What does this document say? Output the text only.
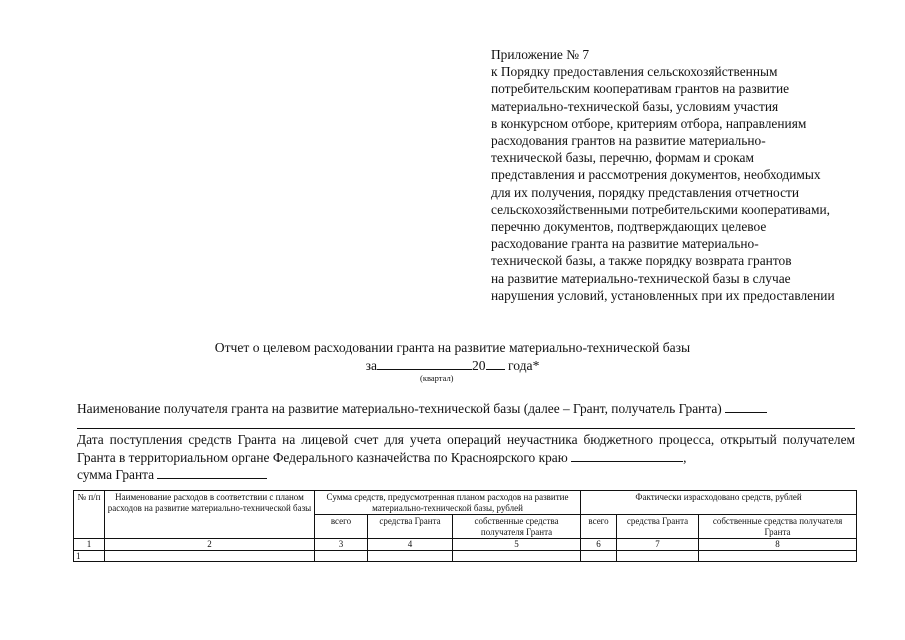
Приложение № 7
к Порядку предоставления сельскохозяйственным
потребительским кооперативам грантов на развитие
материально-технической базы, условиям участия
в конкурсном отборе, критериям отбора, направлениям
расходования грантов на развитие материально-
технической базы, перечню, формам и срокам
представления и рассмотрения документов, необходимых
для их получения, порядку представления отчетности
сельскохозяйственными потребительскими кооперативами,
перечню документов, подтверждающих целевое
расходование гранта на развитие материально-
технической базы, а также порядку возврата грантов
на развитие материально-технической базы в случае
нарушения условий, установленных при их предоставлении
Отчет о целевом расходовании гранта на развитие материально-технической базы
за	20 года*
(квартал)
Наименование получателя гранта на развитие материально-технической базы (далее – Грант, получатель Гранта)
Дата поступления средств Гранта на лицевой счет для учета операций неучастника бюджетного процесса, открытый получателем Гранта в территориальном органе Федерального казначейства по Красноярского краю	,
сумма Гранта
№ п/п	Наименование расходов в соответствии с планом расходов на развитие материально-технической базы	Сумма средств, предусмотренная планом расходов на развитие материально-технической базы, рублей			Фактически израсходовано средств, рублей		
		всего	средства Гранта	собственные средства получателя Гранта	всего	средства Гранта	собственные средства получателя Гранта
1	2	3	4	5	6	7	8
1							
